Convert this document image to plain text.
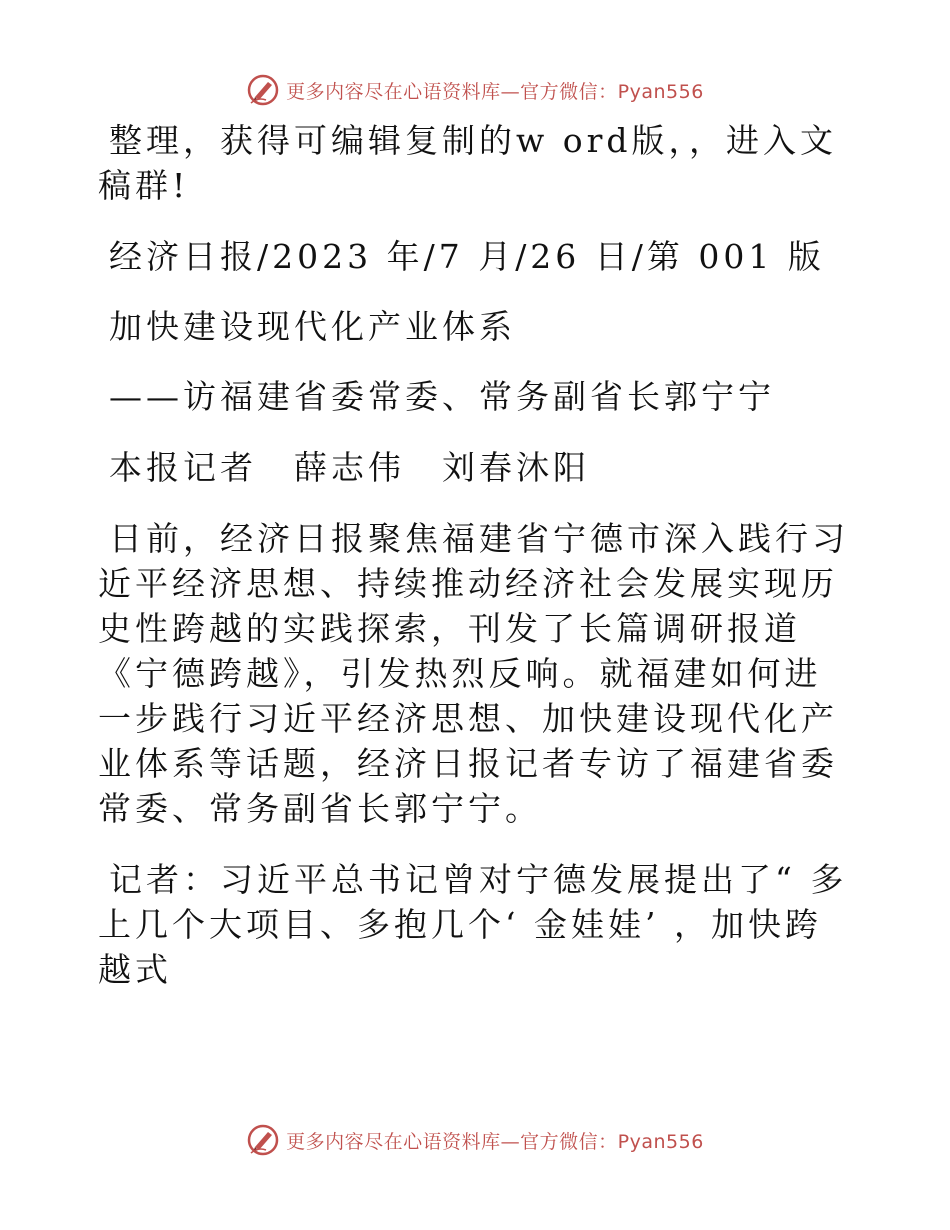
更多内容尽在心语资料库—官方微信：Pyan556

整理，获得可编辑复制的w ord版，，进入文稿群!

经济日报/2023 年/7 月/26 日/第 001 版

加快建设现代化产业体系

——访福建省委常委、常务副省长郭宁宁

本报记者　薛志伟　刘春沐阳

日前，经济日报聚焦福建省宁德市深入践行习近平经济思想、持续推动经济社会发展实现历史性跨越的实践探索，刊发了长篇调研报道《宁德跨越》，引发热烈反响。就福建如何进一步践行习近平经济思想、加快建设现代化产业体系等话题，经济日报记者专访了福建省委常委、常务副省长郭宁宁。

记者：习近平总书记曾对宁德发展提出了“ 多上几个大项目、多抱几个‘ 金娃娃’ ，加快跨越式

更多内容尽在心语资料库—官方微信：Pyan556
